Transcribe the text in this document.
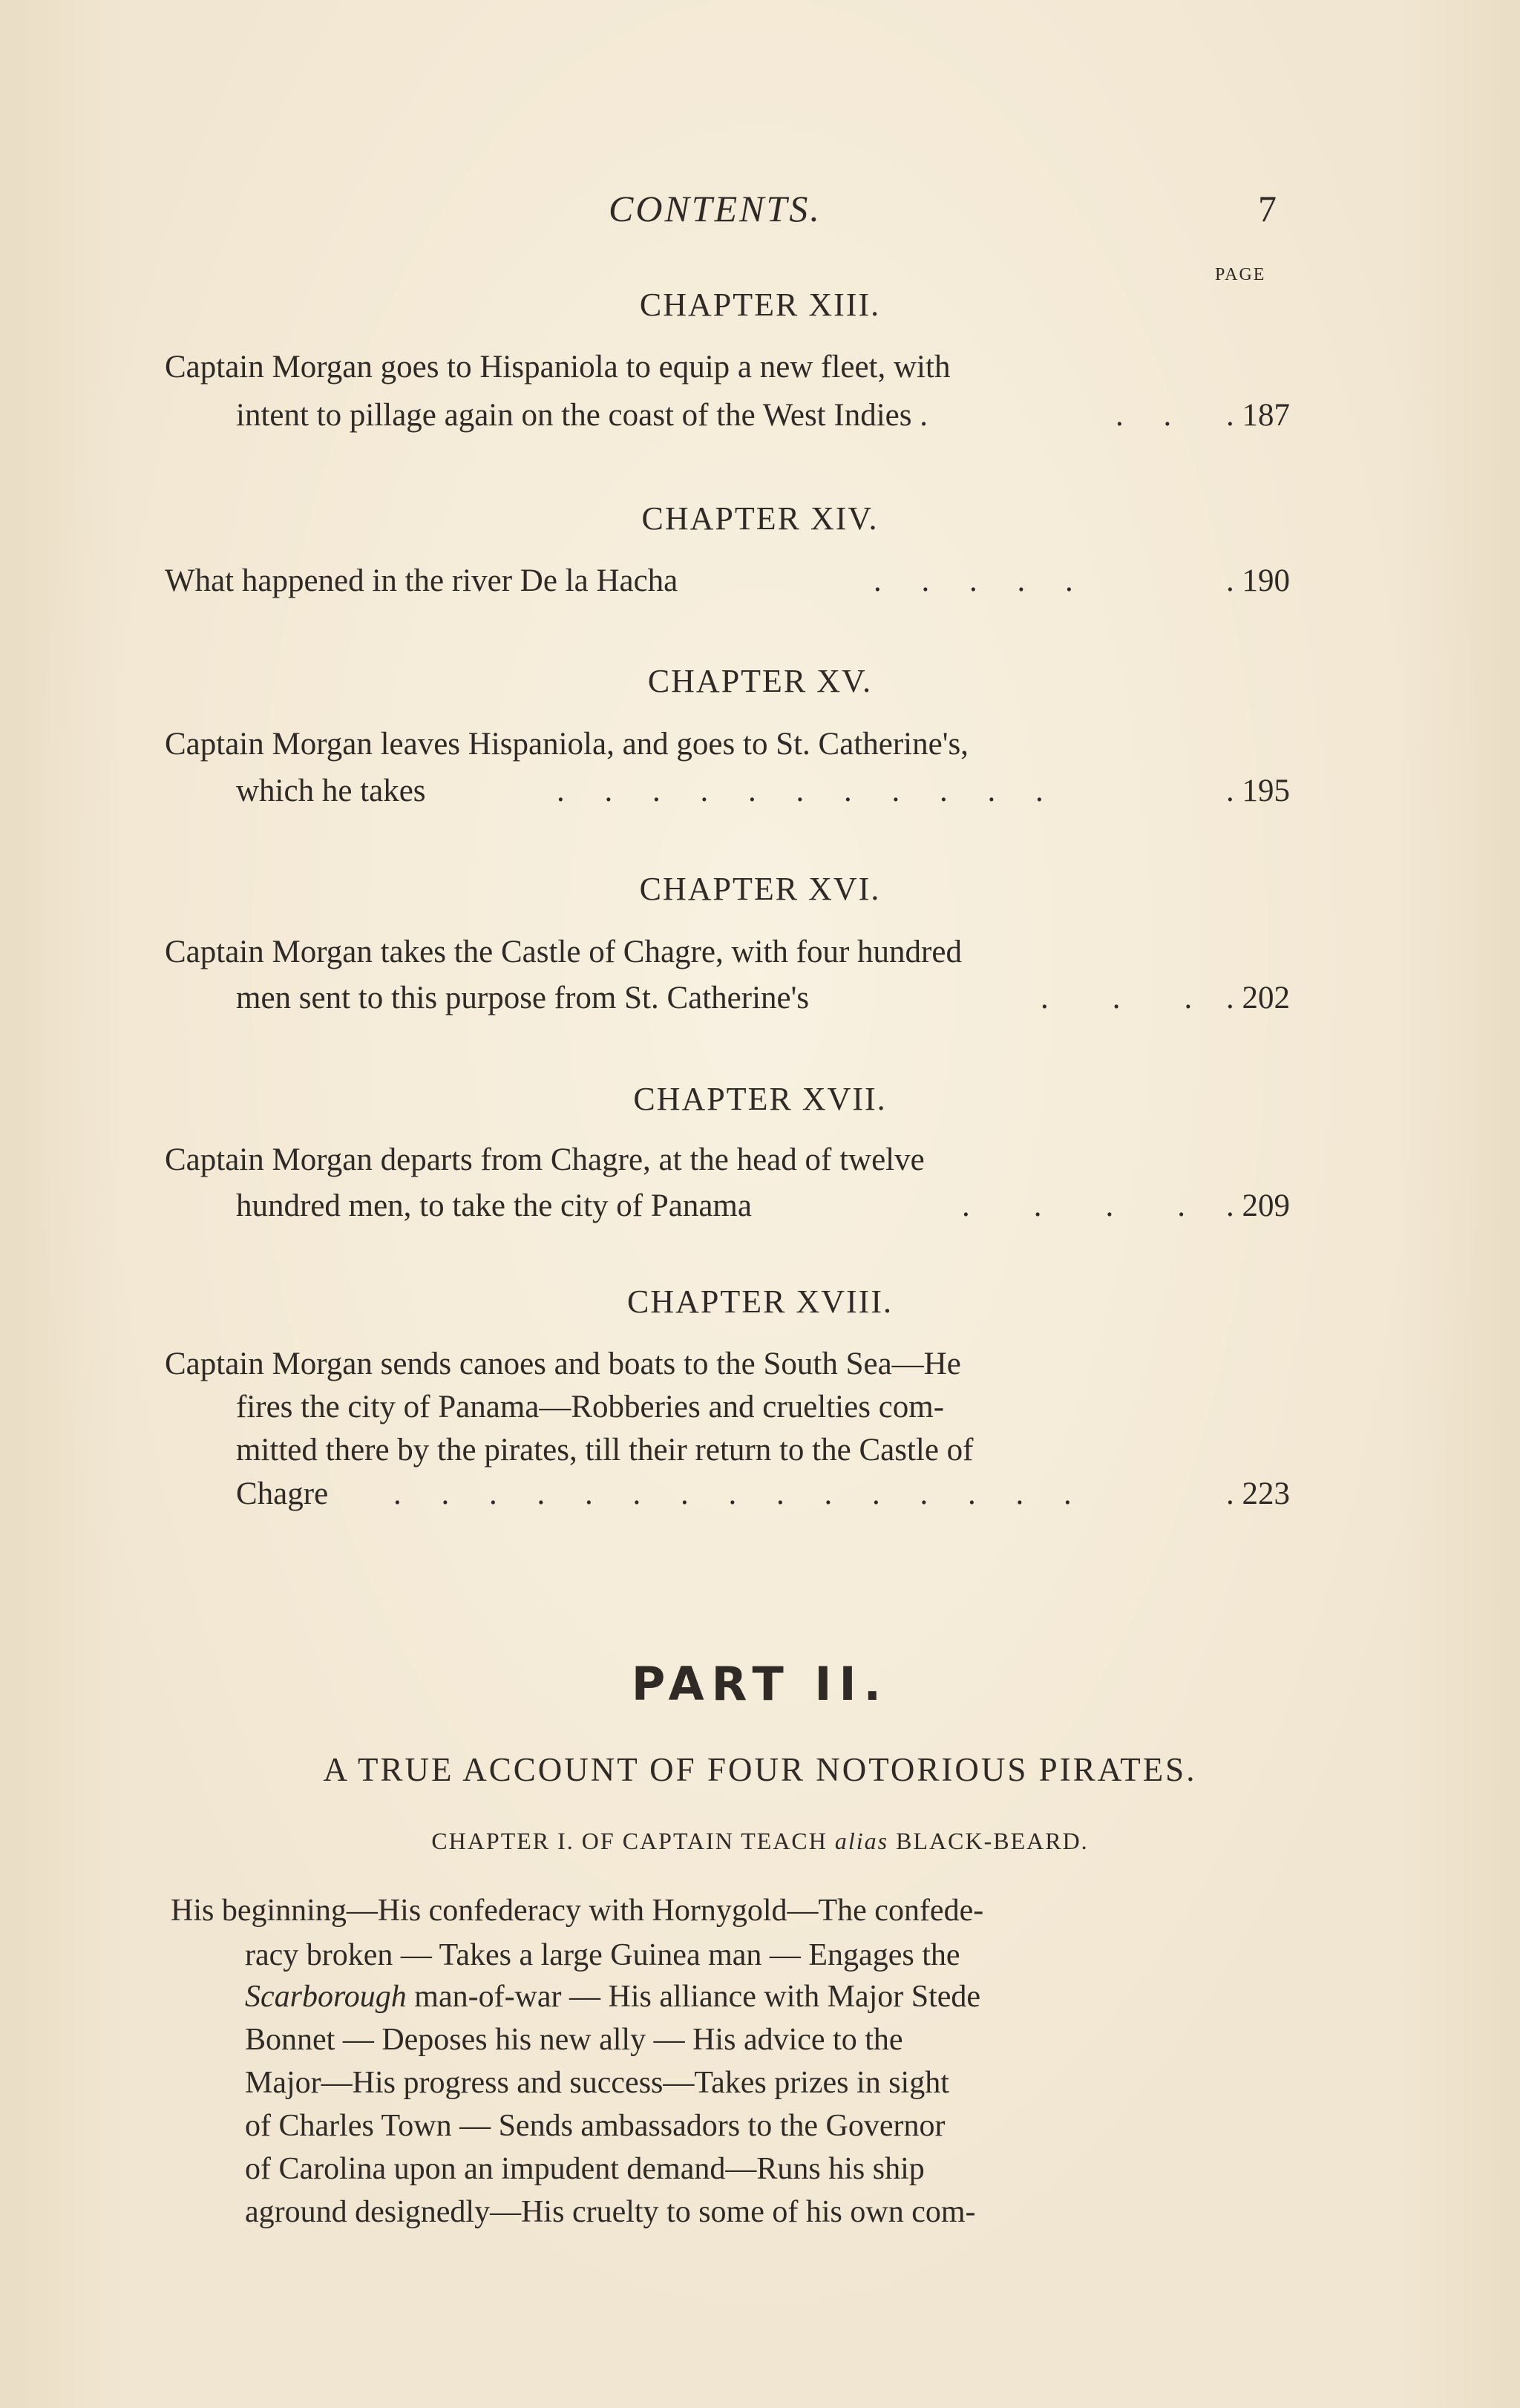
CONTENTS.	7
PAGE
CHAPTER XIII.
Captain Morgan goes to Hispaniola to equip a new fleet, with
intent to pillage again on the coast of the West Indies .	.     . . 187
CHAPTER XIV.
What happened in the river De la Hacha	.     .     .     .     .	. 190
CHAPTER XV.
Captain Morgan leaves Hispaniola, and goes to St. Catherine's,
which he takes	.     .     .     .     .     .     .     .     .     .     .	. 195
CHAPTER XVI.
Captain Morgan takes the Castle of Chagre, with four hundred
men sent to this purpose from St. Catherine's	.        .        . . 202
CHAPTER XVII.
Captain Morgan departs from Chagre, at the head of twelve
hundred men, to take the city of Panama	.        .        .        . . 209
CHAPTER XVIII.
Captain Morgan sends canoes and boats to the South Sea—He
fires the city of Panama—Robberies and cruelties com-
mitted there by the pirates, till their return to the Castle of
Chagre .     .     .     .     .     .     .     .     .     .     .     .     .     .     .	. 223
PART II.
A TRUE ACCOUNT OF FOUR NOTORIOUS PIRATES.
CHAPTER I. OF CAPTAIN TEACH alias BLACK-BEARD.
His beginning—His confederacy with Hornygold—The confede-
racy broken — Takes a large Guinea man — Engages the
Scarborough man-of-war — His alliance with Major Stede
Bonnet — Deposes his new ally — His advice to the
Major—His progress and success—Takes prizes in sight
of Charles Town — Sends ambassadors to the Governor
of Carolina upon an impudent demand—Runs his ship
aground designedly—His cruelty to some of his own com-
